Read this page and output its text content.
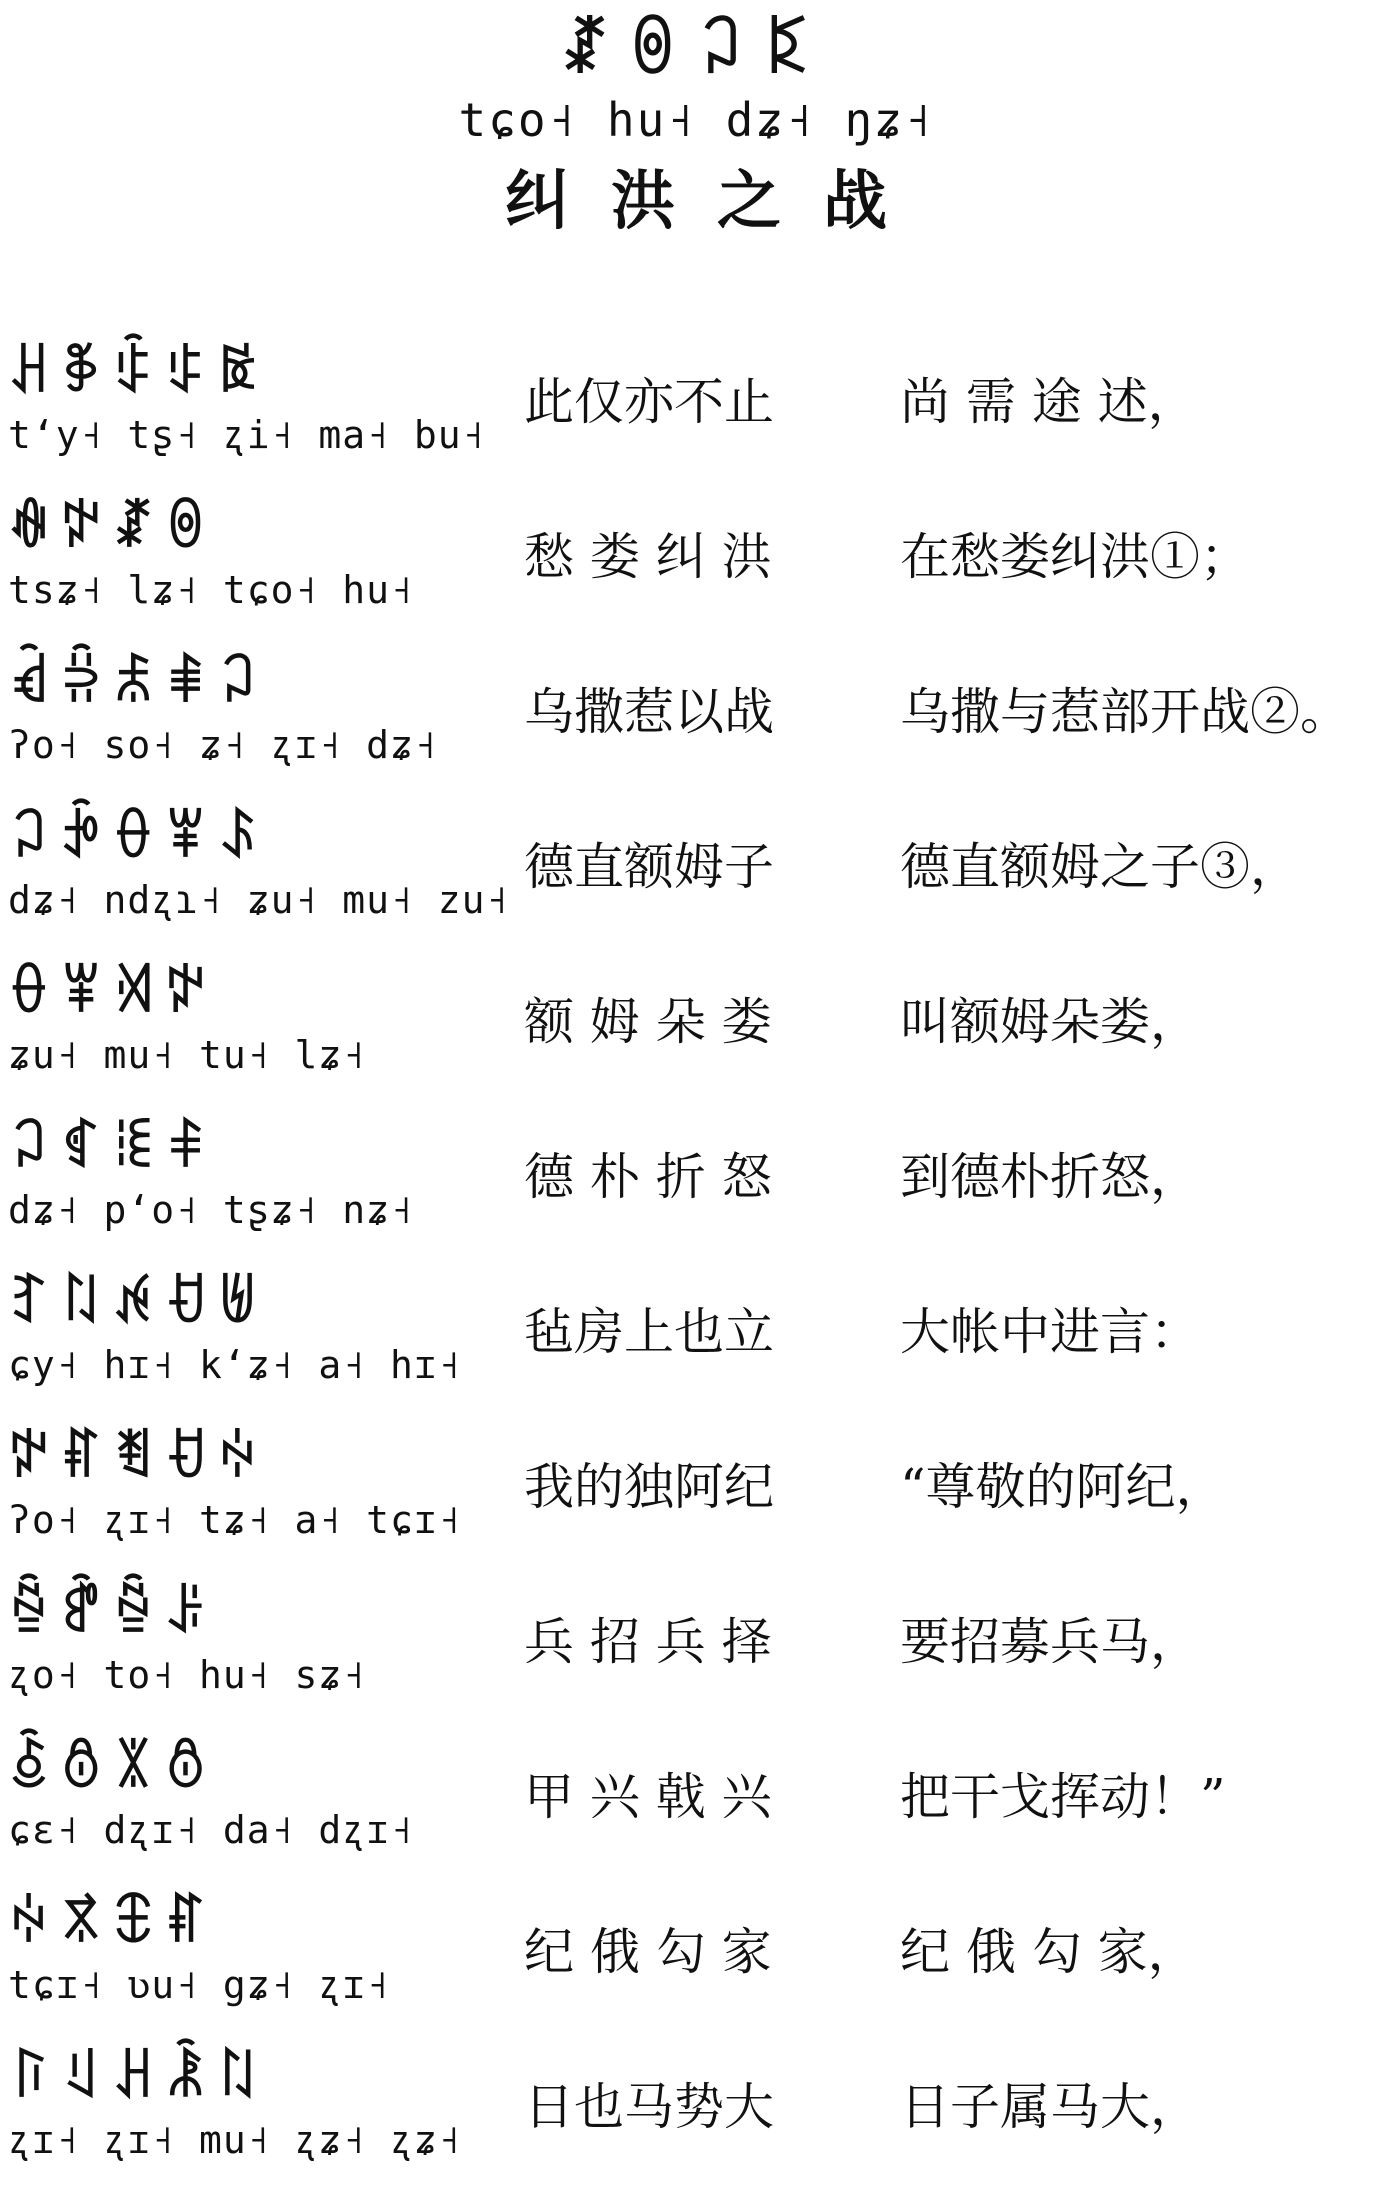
ꊨꉻꃀꌅ
tɕo˧ hu˧ dʑ˧ ŋʑ˧
纠洪之战
ꃅꃆꃇꃈꃉ
tʻy˧ tʂ˧ ʐi˧ ma˧ bu˧
此仅亦不止	尚 需 途 述，
ꊿꉢꊨꉻ
tsʑ˧ lʑ˧ tɕo˧ hu˧
愁 娄 纠 洪	在愁娄纠洪①；
ꃸꄢꅬꑌꃀ
ʔo˧ so˧ ʑ˧ ʐɪ˧ dʑ˧
乌撒惹以战	乌撒与惹部开战②。
ꃀꃁꂷꂸꌺ
dʑ˧ ndʐɿ˧ ʑu˧ mu˧ zu˧
德直额姆子	德直额姆之子③，
ꂷꂸꄉꉢ
ʑu˧ mu˧ tu˧ lʑ˧
额 姆 朵 娄	叫额姆朵娄，
ꃀꁍꊫꅪ
dʑ˧ pʻo˧ tʂʑ˧ nʑ˧
德 朴 折 怒	到德朴折怒，
ꆈꇁꉌꀀꉅ
ɕy˧ hɪ˧ kʻʑ˧ a˧ hɪ˧
毡房上也立	大帐中进言：
ꉢꐥꄮꀀꏢ
ʔo˧ ʐɪ˧ tʑ˧ a˧ tɕɪ˧
我的独阿纪	“尊敬的阿纪，
ꁩꍖꁩꌠ
ʐo˧ to˧ hu˧ sʑ˧
兵 招 兵 择	要招募兵马，
ꋢꉩꇓꉩ
ɕɛ˧ dʐɪ˧ da˧ dʐɪ˧
甲 兴 戟 兴	把干戈挥动！”
ꏢꃷꇞꐥ
tɕɪ˧ ʋu˧ gʑ˧ ʐɪ˧
纪 俄 勾 家	纪 俄 勾 家，
ꑍꆹꃅꂾꇁ
ʐɪ˧ ʐɪ˧ mu˧ ʐʑ˧ ʐʑ˧
日也马势大	日子属马大，
